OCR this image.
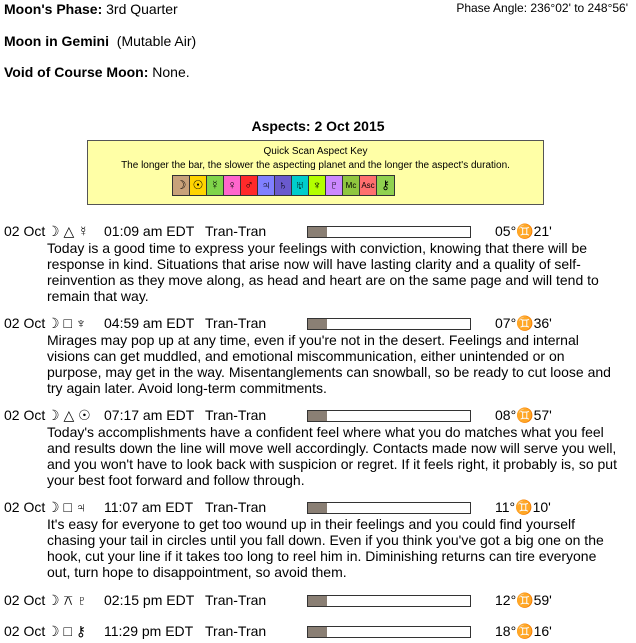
Moon's Phase: 3rd Quarter	Phase Angle: 236°02' to 248°56'
Moon in Gemini (Mutable Air)
Void of Course Moon: None.
Aspects: 2 Oct 2015
Quick Scan Aspect Key
The longer the bar, the slower the aspecting planet and the longer the aspect's duration.
☽ ☉ ☿ ♀ ♂ ♃ ♄ ♅ ♆ ♇ Mc Asc ⚷
02 Oct ☽ △ ☿ 01:09 am EDT Tran-Tran	05°♊21'
Today is a good time to express your feelings with conviction, knowing that there will be response in kind. Situations that arise now will have lasting clarity and a quality of self-reinvention as they move along, as head and heart are on the same page and will tend to remain that way.
02 Oct ☽ □ ♆ 04:59 am EDT Tran-Tran	07°♊36'
Mirages may pop up at any time, even if you're not in the desert. Feelings and internal visions can get muddled, and emotional miscommunication, either unintended or on purpose, may get in the way. Misentanglements can snowball, so be ready to cut loose and try again later. Avoid long-term commitments.
02 Oct ☽ △ ☉ 07:17 am EDT Tran-Tran	08°♊57'
Today's accomplishments have a confident feel where what you do matches what you feel and results down the line will move well accordingly. Contacts made now will serve you well, and you won't have to look back with suspicion or regret. If it feels right, it probably is, so put your best foot forward and follow through.
02 Oct ☽ □ ♃ 11:07 am EDT Tran-Tran	11°♊10'
It's easy for everyone to get too wound up in their feelings and you could find yourself chasing your tail in circles until you fall down. Even if you think you've got a big one on the hook, cut your line if it takes too long to reel him in. Diminishing returns can tire everyone out, turn hope to disappointment, so avoid them.
02 Oct ☽ ⚻ ♇ 02:15 pm EDT Tran-Tran	12°♊59'
02 Oct ☽ □ ⚷ 11:29 pm EDT Tran-Tran	18°♊16'
